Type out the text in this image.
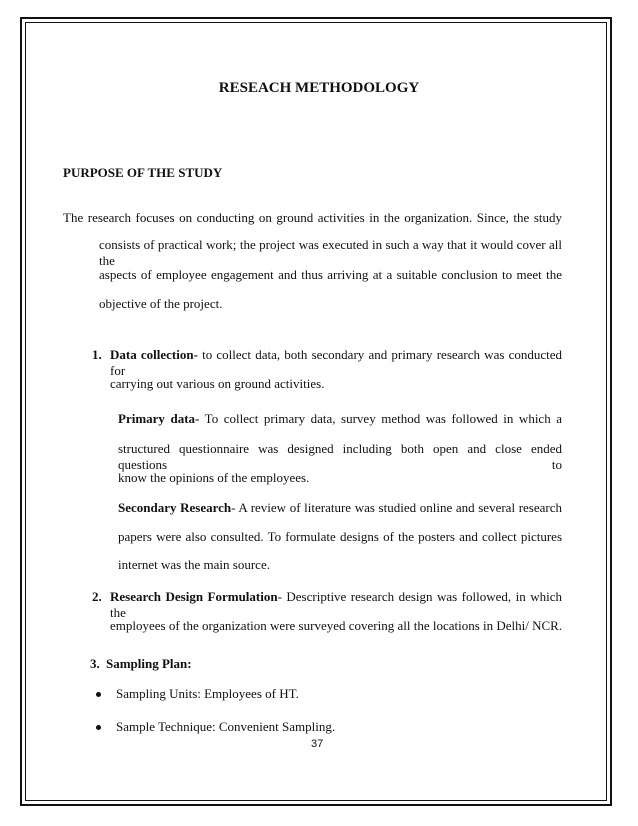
RESEACH METHODOLOGY
PURPOSE OF THE STUDY
The research focuses on conducting on ground activities in the organization. Since, the study
consists of practical work; the project was executed in such a way that it would cover all the
aspects of employee engagement and thus arriving at a suitable conclusion to meet the
objective of the project.
1. Data collection- to collect data, both secondary and primary research was conducted for
carrying out various on ground activities.
Primary data- To collect primary data, survey method was followed in which a
structured questionnaire was designed including both open and close ended questions to
know the opinions of the employees.
Secondary Research- A review of literature was studied online and several research
papers were also consulted. To formulate designs of the posters and collect pictures
internet was the main source.
2. Research Design Formulation- Descriptive research design was followed, in which the
employees of the organization were surveyed covering all the locations in Delhi/ NCR.
3. Sampling Plan:
Sampling Units: Employees of HT.
Sample Technique: Convenient Sampling.
37
